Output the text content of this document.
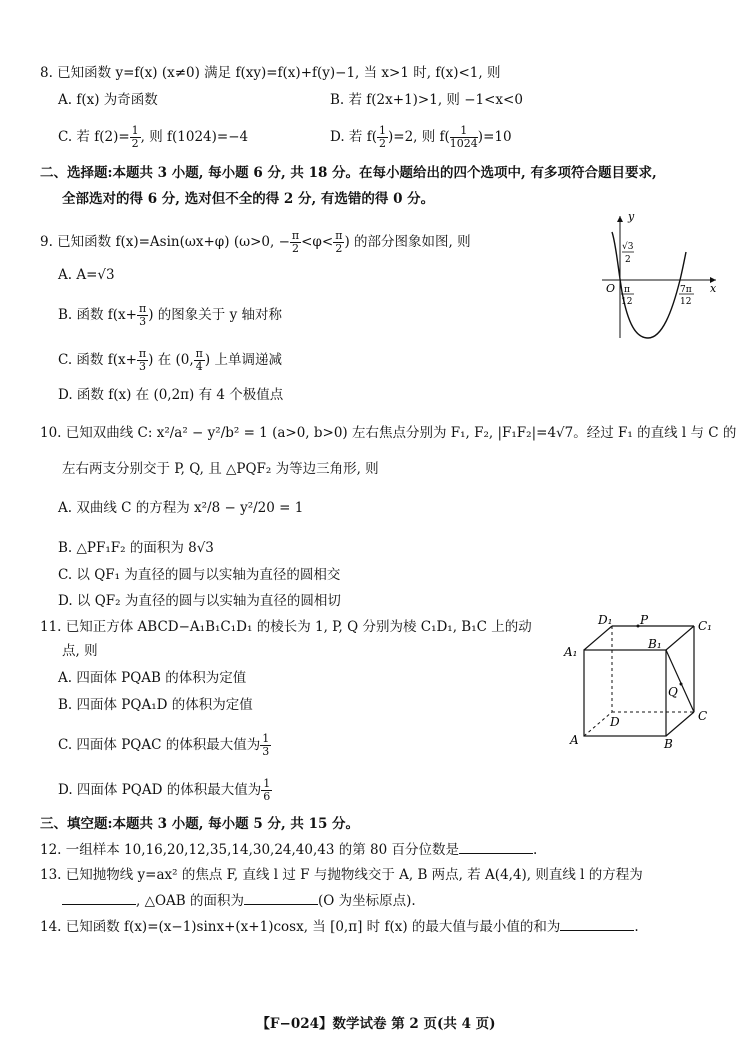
8. 已知函数 y=f(x) (x≠0) 满足 f(xy)=f(x)+f(y)−1, 当 x>1 时, f(x)<1, 则
A. f(x) 为奇函数	B. 若 f(2x+1)>1, 则 −1<x<0
C. 若 $f(2)= \frac{1}{2}$ , 则 f(1024)=−4	D. 若 $f( \frac{1}{2} )=2$, 则 $f( \frac{1}{1024} )=10$
二、选择题:本题共 3 小题, 每小题 6 分, 共 18 分。在每小题给出的四个选项中, 有多项符合题目要求,
全部选对的得 6 分, 选对但不全的得 2 分, 有选错的得 0 分。
9. 已知函数 f(x)=Asin(ωx+φ) (ω>0, − $\frac{\pi}{2} <\varphi< \frac{\pi}{2}$ ) 的部分图象如图, 则
A. A=√3
B. 函数 $f(x+ \frac{\pi}{3}$ ) 的图象关于 y 轴对称
C. 函数 $f(x+ \frac{\pi}{3}$ ) 在 (0, $\frac{\pi}{4}$ ) 上单调递减
D. 函数 f(x) 在 (0,2π) 有 4 个极值点
y
x
O
√3
2
π
12
7π
12
10. 已知双曲线 C: x²/a² − y²/b² = 1 (a>0, b>0) 左右焦点分别为 F₁, F₂, |F₁F₂|=4√7。经过 F₁ 的直线 l 与 C 的
左右两支分别交于 P, Q, 且 △PQF₂ 为等边三角形, 则
A. 双曲线 C 的方程为 x²/8 − y²/20 = 1
B. △PF₁F₂ 的面积为 8√3
C. 以 QF₁ 为直径的圆与以实轴为直径的圆相交
D. 以 QF₂ 为直径的圆与以实轴为直径的圆相切
11. 已知正方体 ABCD−A₁B₁C₁D₁ 的棱长为 1, P, Q 分别为棱 C₁D₁, B₁C 上的动
点, 则
A. 四面体 PQAB 的体积为定值
B. 四面体 PQA₁D 的体积为定值
C. 四面体 PQAC 的体积最大值为 $\frac{1}{3}$
D. 四面体 PQAD 的体积最大值为 $\frac{1}{6}$
D₁ P	C₁
A₁
B₁
Q
D	C
A	B
三、填空题:本题共 3 小题, 每小题 5 分, 共 15 分。
12. 一组样本 10,16,20,12,35,14,30,24,40,43 的第 80 百分位数是	.
13. 已知抛物线 y=ax² 的焦点 F, 直线 l 过 F 与抛物线交于 A, B 两点, 若 A(4,4), 则直线 l 的方程为
, △OAB 的面积为	(O 为坐标原点).
14. 已知函数 f(x)=(x−1)sinx+(x+1)cosx, 当 [0,π] 时 f(x) 的最大值与最小值的和为	.
【F−024】数学试卷 第 2 页(共 4 页)
